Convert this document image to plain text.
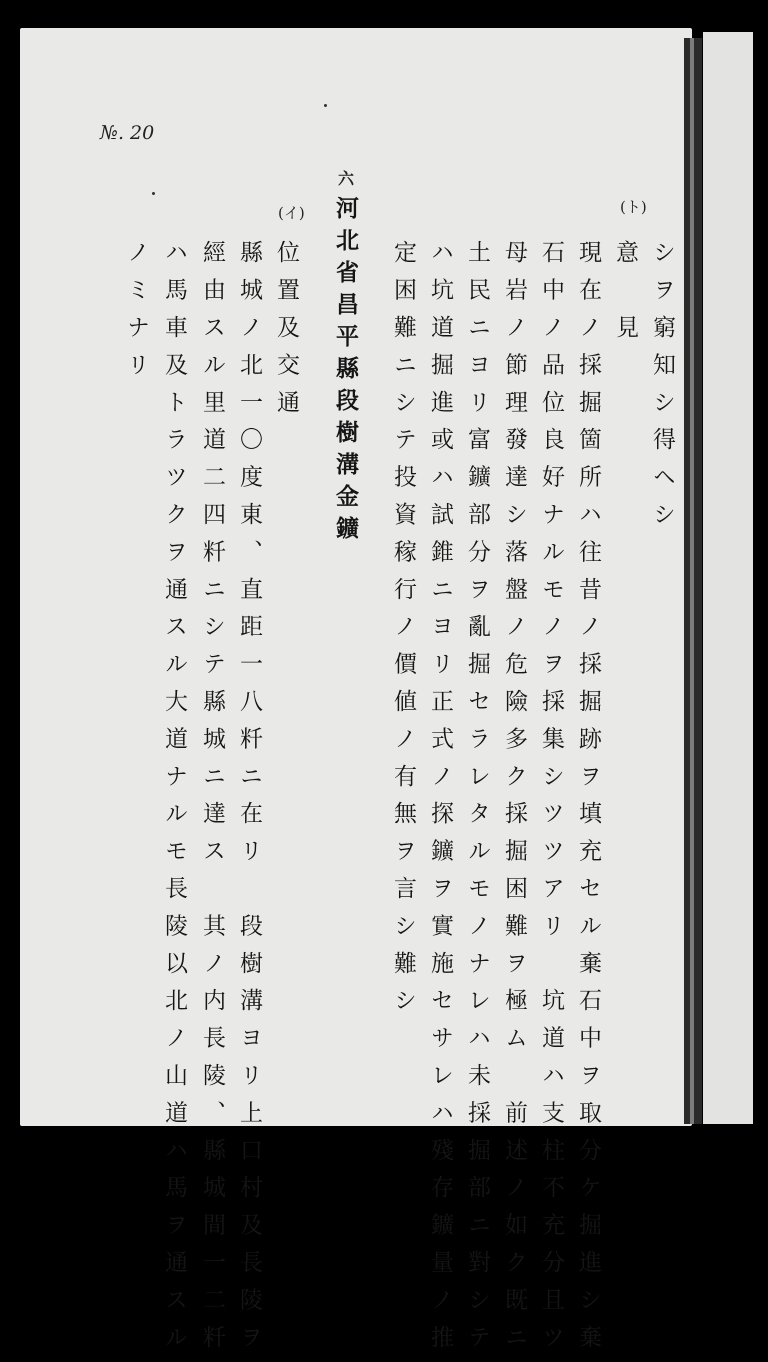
№. 20
(ト)
六
(イ)
シヲ窮知シ得ヘシ
意　見
現在ノ採掘箇所ハ往昔ノ採掘跡ヲ填充セル棄石中ヲ取分ケ掘進シ棄
石中ノ品位良好ナルモノヲ採集シツツアリ　坑道ハ支柱不充分且ツ
母岩ノ節理發達シ落盤ノ危險多ク採掘困難ヲ極ム　前述ノ如ク既ニ
土民ニヨリ富鑛部分ヲ亂掘セラレタルモノナレハ未採掘部ニ對シテ
ハ坑道掘進或ハ試錐ニヨリ正式ノ探鑛ヲ實施セサレハ殘存鑛量ノ推
定困難ニシテ投資稼行ノ價値ノ有無ヲ言シ難シ
河北省昌平縣段樹溝金鑛
位置及交通
縣城ノ北一〇度東、直距一八粁ニ在リ　段樹溝ヨリ上口村及長陵ヲ
經由スル里道二四粁ニシテ縣城ニ達ス　其ノ内長陵、縣城間一二粁
ハ馬車及トラツクヲ通スル大道ナルモ長陵以北ノ山道ハ馬ヲ通スル
ノミナリ
